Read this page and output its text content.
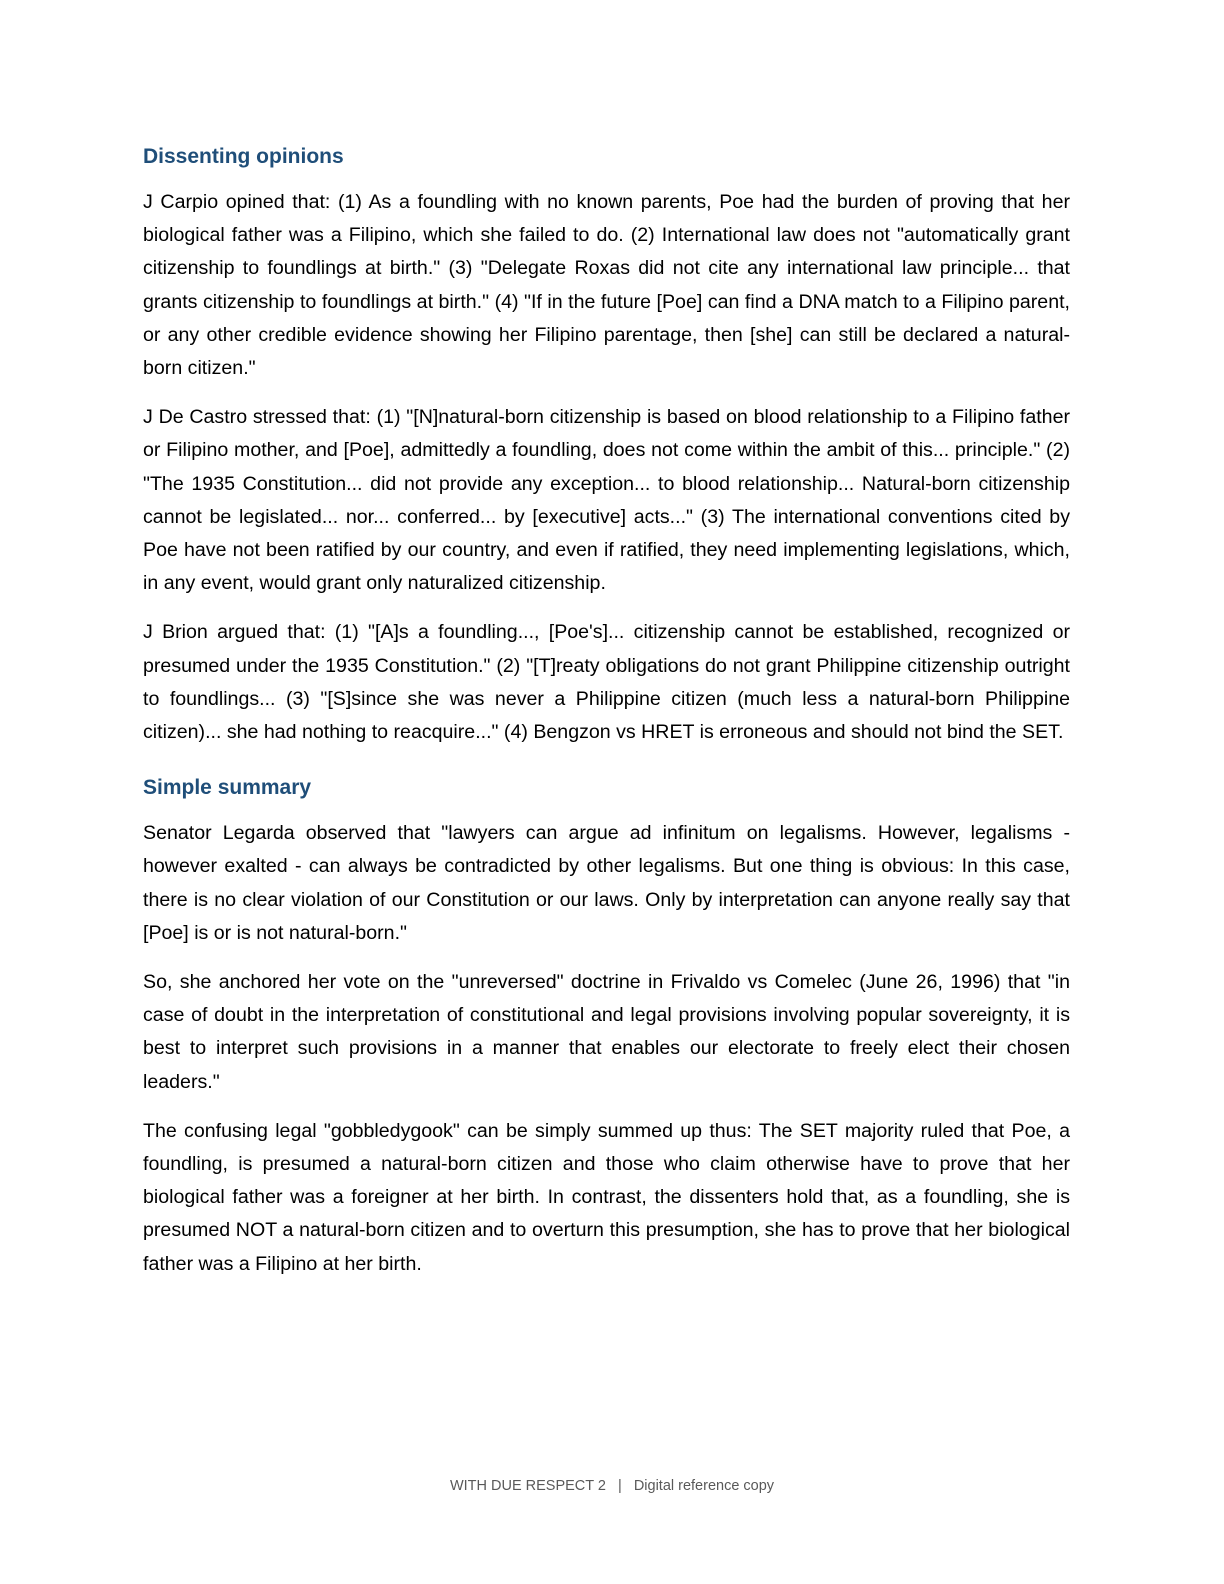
Dissenting opinions

J Carpio opined that: (1) As a foundling with no known parents, Poe had the burden of proving that her biological father was a Filipino, which she failed to do. (2) International law does not "automatically grant citizenship to foundlings at birth." (3) "Delegate Roxas did not cite any international law principle... that grants citizenship to foundlings at birth." (4) "If in the future [Poe] can find a DNA match to a Filipino parent, or any other credible evidence showing her Filipino parentage, then [she] can still be declared a natural-born citizen."

J De Castro stressed that: (1) "[N]natural-born citizenship is based on blood relationship to a Filipino father or Filipino mother, and [Poe], admittedly a foundling, does not come within the ambit of this... principle." (2) "The 1935 Constitution... did not provide any exception... to blood relationship... Natural-born citizenship cannot be legislated... nor... conferred... by [executive] acts..." (3) The international conventions cited by Poe have not been ratified by our country, and even if ratified, they need implementing legislations, which, in any event, would grant only naturalized citizenship.

J Brion argued that: (1) "[A]s a foundling..., [Poe's]... citizenship cannot be established, recognized or presumed under the 1935 Constitution." (2) "[T]reaty obligations do not grant Philippine citizenship outright to foundlings... (3) "[S]since she was never a Philippine citizen (much less a natural-born Philippine citizen)... she had nothing to reacquire..." (4) Bengzon vs HRET is erroneous and should not bind the SET.

Simple summary

Senator Legarda observed that "lawyers can argue ad infinitum on legalisms. However, legalisms - however exalted - can always be contradicted by other legalisms. But one thing is obvious: In this case, there is no clear violation of our Constitution or our laws. Only by interpretation can anyone really say that [Poe] is or is not natural-born."

So, she anchored her vote on the "unreversed" doctrine in Frivaldo vs Comelec (June 26, 1996) that "in case of doubt in the interpretation of constitutional and legal provisions involving popular sovereignty, it is best to interpret such provisions in a manner that enables our electorate to freely elect their chosen leaders."

The confusing legal "gobbledygook" can be simply summed up thus: The SET majority ruled that Poe, a foundling, is presumed a natural-born citizen and those who claim otherwise have to prove that her biological father was a foreigner at her birth. In contrast, the dissenters hold that, as a foundling, she is presumed NOT a natural-born citizen and to overturn this presumption, she has to prove that her biological father was a Filipino at her birth.

WITH DUE RESPECT 2 | Digital reference copy
